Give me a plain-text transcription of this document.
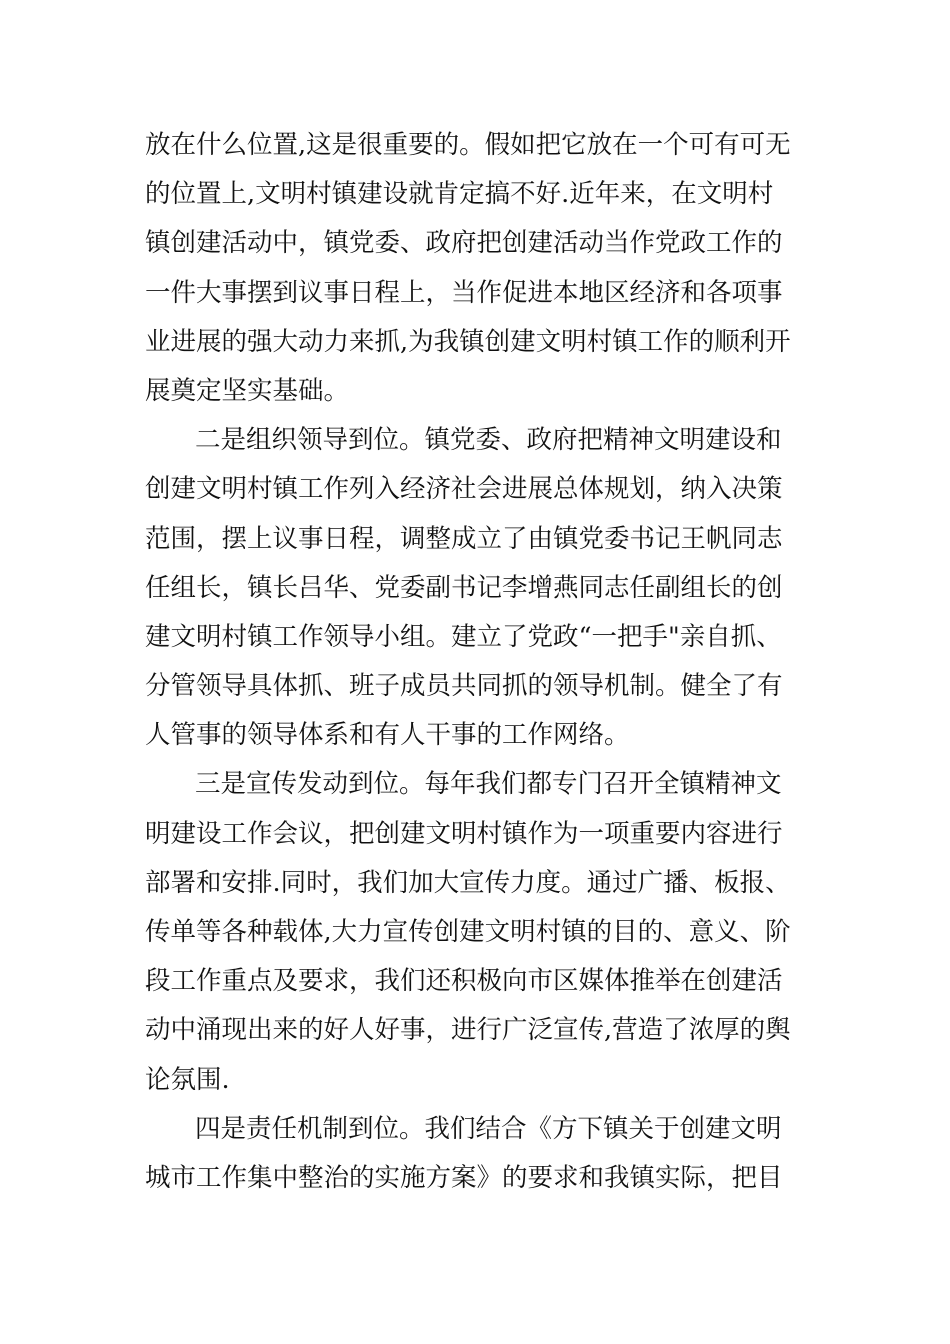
放在什么位置,这是很重要的。假如把它放在一个可有可无
的位置上,文明村镇建设就肯定搞不好.近年来，在文明村
镇创建活动中，镇党委、政府把创建活动当作党政工作的
一件大事摆到议事日程上，当作促进本地区经济和各项事
业进展的强大动力来抓,为我镇创建文明村镇工作的顺利开
展奠定坚实基础。
二是组织领导到位。镇党委、政府把精神文明建设和
创建文明村镇工作列入经济社会进展总体规划，纳入决策
范围，摆上议事日程，调整成立了由镇党委书记王帆同志
任组长，镇长吕华、党委副书记李增燕同志任副组长的创
建文明村镇工作领导小组。建立了党政“一把手"亲自抓、
分管领导具体抓、班子成员共同抓的领导机制。健全了有
人管事的领导体系和有人干事的工作网络。
三是宣传发动到位。每年我们都专门召开全镇精神文
明建设工作会议，把创建文明村镇作为一项重要内容进行
部署和安排.同时，我们加大宣传力度。通过广播、板报、
传单等各种载体,大力宣传创建文明村镇的目的、意义、阶
段工作重点及要求，我们还积极向市区媒体推举在创建活
动中涌现出来的好人好事，进行广泛宣传,营造了浓厚的舆
论氛围.
四是责任机制到位。我们结合《方下镇关于创建文明
城市工作集中整治的实施方案》的要求和我镇实际，把目
